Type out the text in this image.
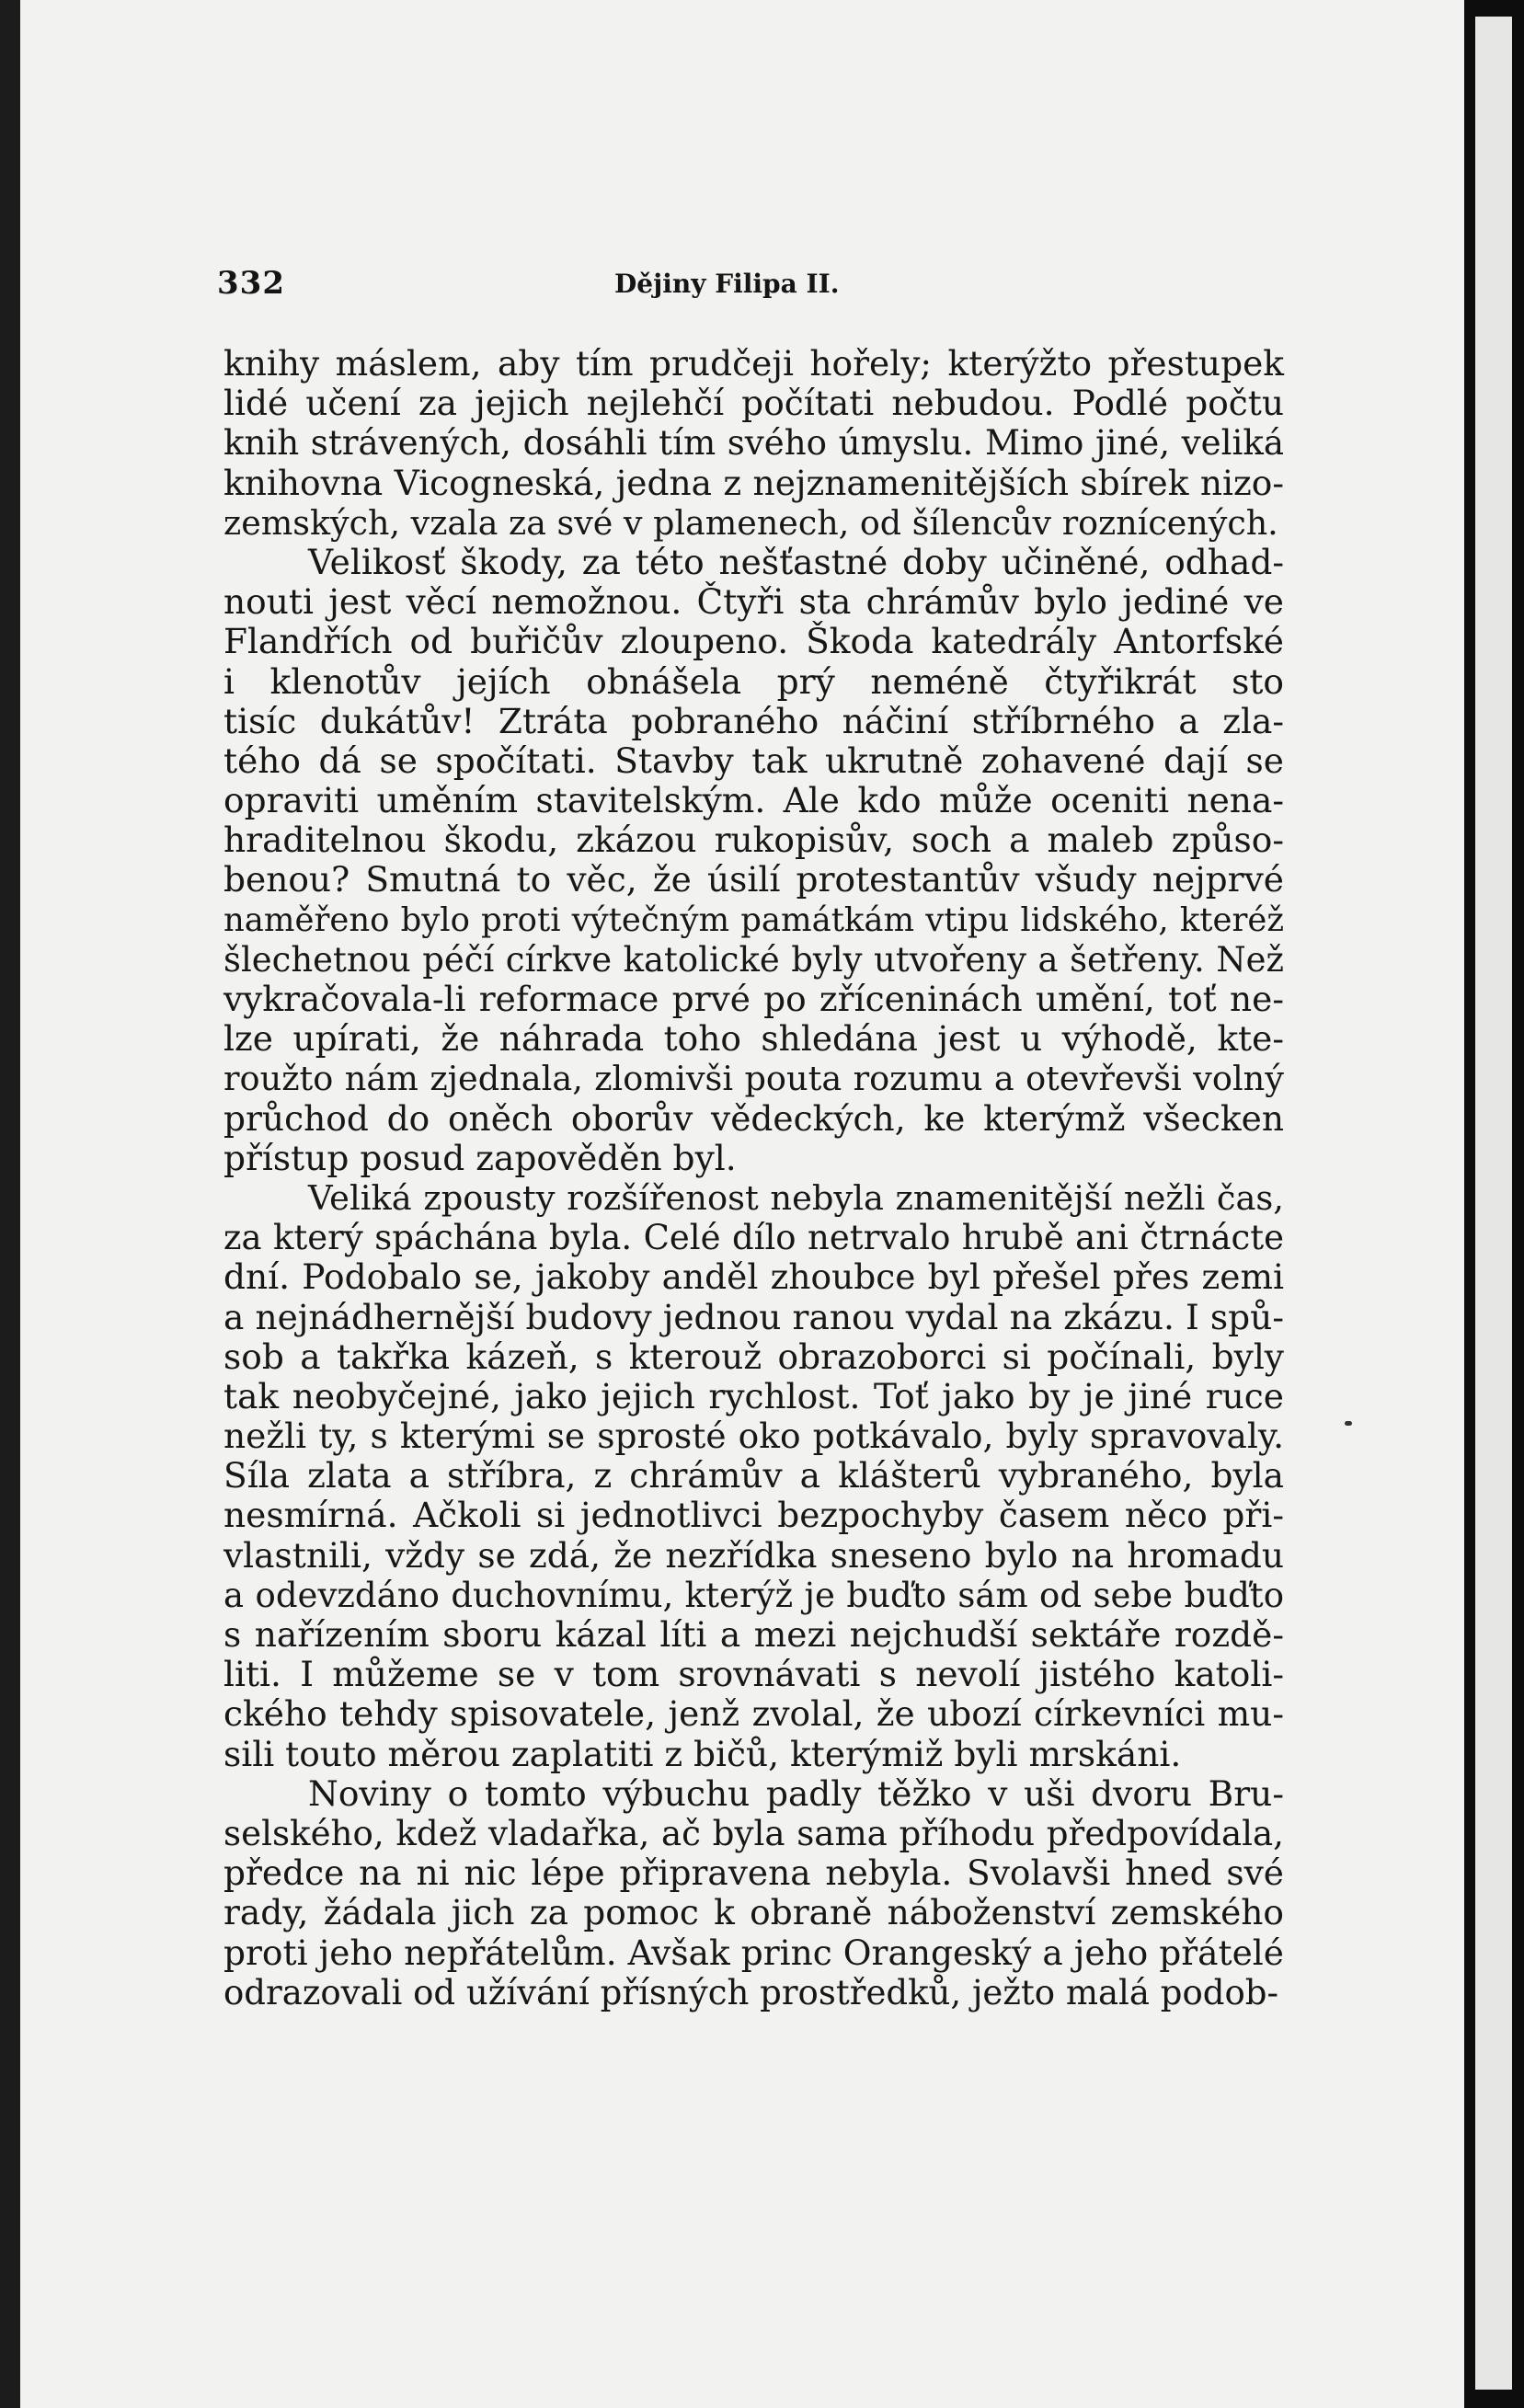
332	Dějiny Filipa II.
knihy máslem, aby tím prudčeji hořely; kterýžto přestupek
lidé učení za jejich nejlehčí počítati nebudou. Podlé počtu
knih strávených, dosáhli tím svého úmyslu. Mimo jiné, veliká
knihovna Vicogneská, jedna z nejznamenitějších sbírek nizo-
zemských, vzala za své v plamenech, od šílencův roznícených.
Velikosť škody, za této nešťastné doby učiněné, odhad-
nouti jest věcí nemožnou. Čtyři sta chrámův bylo jediné ve
Flandřích od buřičův zloupeno. Škoda katedrály Antorfské
i klenotův jejích obnášela prý neméně čtyřikrát sto
tisíc dukátův! Ztráta pobraného náčiní stříbrného a zla-
tého dá se spočítati. Stavby tak ukrutně zohavené dají se
opraviti uměním stavitelským. Ale kdo může oceniti nena-
hraditelnou škodu, zkázou rukopisův, soch a maleb způso-
benou? Smutná to věc, že úsilí protestantův všudy nejprvé
naměřeno bylo proti výtečným památkám vtipu lidského, kteréž
šlechetnou péčí církve katolické byly utvořeny a šetřeny. Než
vykračovala-li reformace prvé po zříceninách umění, toť ne-
lze upírati, že náhrada toho shledána jest u výhodě, kte-
roužto nám zjednala, zlomivši pouta rozumu a otevřevši volný
průchod do oněch oborův vědeckých, ke kterýmž všecken
přístup posud zapověděn byl.
Veliká zpousty rozšířenost nebyla znamenitější nežli čas,
za který spáchána byla. Celé dílo netrvalo hrubě ani čtrnácte
dní. Podobalo se, jakoby anděl zhoubce byl přešel přes zemi
a nejnádhernější budovy jednou ranou vydal na zkázu. I spů-
sob a takřka kázeň, s kterouž obrazoborci si počínali, byly
tak neobyčejné, jako jejich rychlost. Toť jako by je jiné ruce
nežli ty, s kterými se sprosté oko potkávalo, byly spravovaly.
Síla zlata a stříbra, z chrámův a klášterů vybraného, byla
nesmírná. Ačkoli si jednotlivci bezpochyby časem něco při-
vlastnili, vždy se zdá, že nezřídka sneseno bylo na hromadu
a odevzdáno duchovnímu, kterýž je buďto sám od sebe buďto
s nařízením sboru kázal líti a mezi nejchudší sektáře rozdě-
liti. I můžeme se v tom srovnávati s nevolí jistého katoli-
ckého tehdy spisovatele, jenž zvolal, že ubozí církevníci mu-
sili touto měrou zaplatiti z bičů, kterýmiž byli mrskáni.
Noviny o tomto výbuchu padly těžko v uši dvoru Bru-
selského, kdež vladařka, ač byla sama příhodu předpovídala,
předce na ni nic lépe připravena nebyla. Svolavši hned své
rady, žádala jich za pomoc k obraně náboženství zemského
proti jeho nepřátelům. Avšak princ Orangeský a jeho přátelé
odrazovali od užívání přísných prostředků, ježto malá podob-
